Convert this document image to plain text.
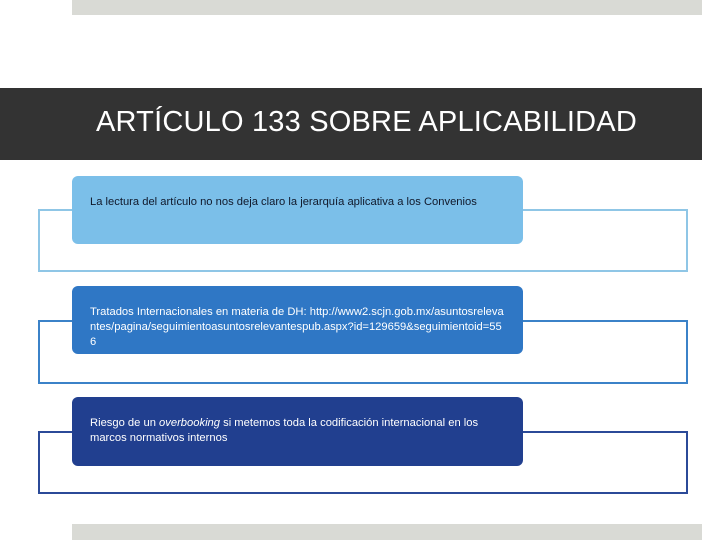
ARTÍCULO 133 SOBRE APLICABILIDAD
La lectura del artículo no nos deja claro la jerarquía aplicativa a los Convenios
Tratados Internacionales en materia de DH: http://www2.scjn.gob.mx/asuntosrelevantes/pagina/seguimientoasuntosrelevantespub.aspx?id=129659&seguimientoid=556
Riesgo de un overbooking si metemos toda la codificación internacional en los marcos normativos internos
